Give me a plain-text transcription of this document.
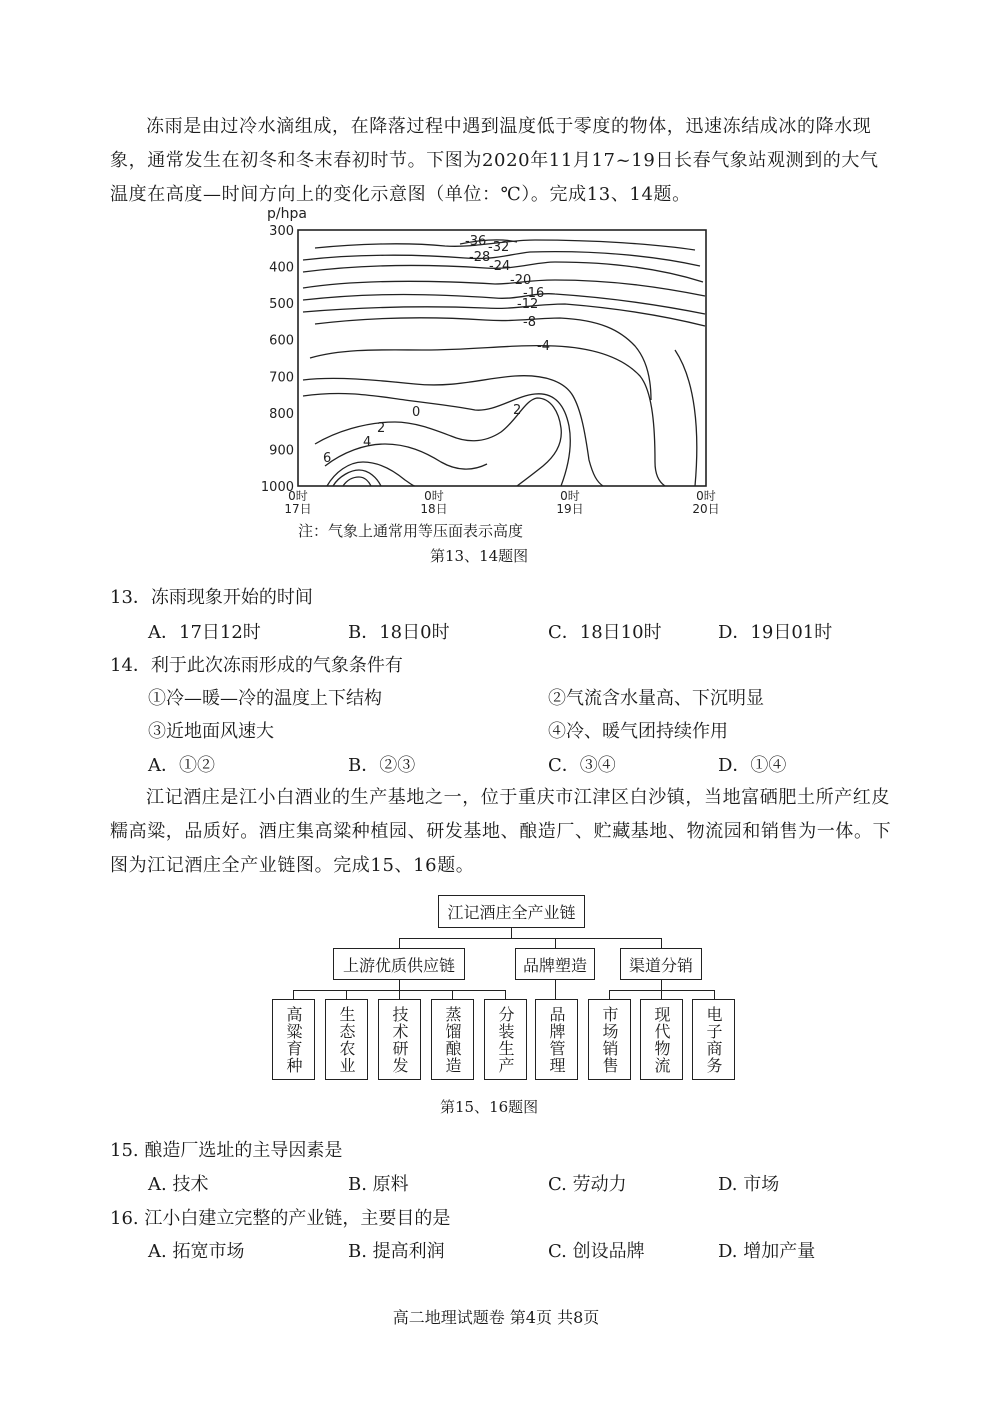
冻雨是由过冷水滴组成，在降落过程中遇到温度低于零度的物体，迅速冻结成冰的降水现象，通常发生在初冬和冬末春初时节。下图为2020年11月17~19日长春气象站观测到的大气温度在高度—时间方向上的变化示意图（单位：℃）。完成13、14题。
p/hpa
300
400
500
600
700
800
900
1000
0时
17日
0时
18日
0时
19日
0时
20日
-36 -32
-28
-24
-20
-16
-12
-8
-4
0	2
2
4
6
注：气象上通常用等压面表示高度
第13、14题图
13．冻雨现象开始的时间
A．17日12时	B．18日0时	C．18日10时	D．19日01时
14．利于此次冻雨形成的气象条件有
①冷—暖—冷的温度上下结构	②气流含水量高、下沉明显
③近地面风速大	④冷、暖气团持续作用
A．①②	B．②③	C．③④	D．①④
江记酒庄是江小白酒业的生产基地之一，位于重庆市江津区白沙镇，当地富硒肥土所产红皮糯高粱，品质好。酒庄集高粱种植园、研发基地、酿造厂、贮藏基地、物流园和销售为一体。下图为江记酒庄全产业链图。完成15、16题。
江记酒庄全产业链
上游优质供应链	品牌塑造	渠道分销
高粱育种	生态农业	技术研发	蒸馏酿造	分装生产	品牌管理	市场销售	现代物流	电子商务
第15、16题图
15. 酿造厂选址的主导因素是
A. 技术	B. 原料	C. 劳动力	D. 市场
16. 江小白建立完整的产业链，主要目的是
A. 拓宽市场	B. 提高利润	C. 创设品牌	D. 增加产量
高二地理试题卷 第4页 共8页
